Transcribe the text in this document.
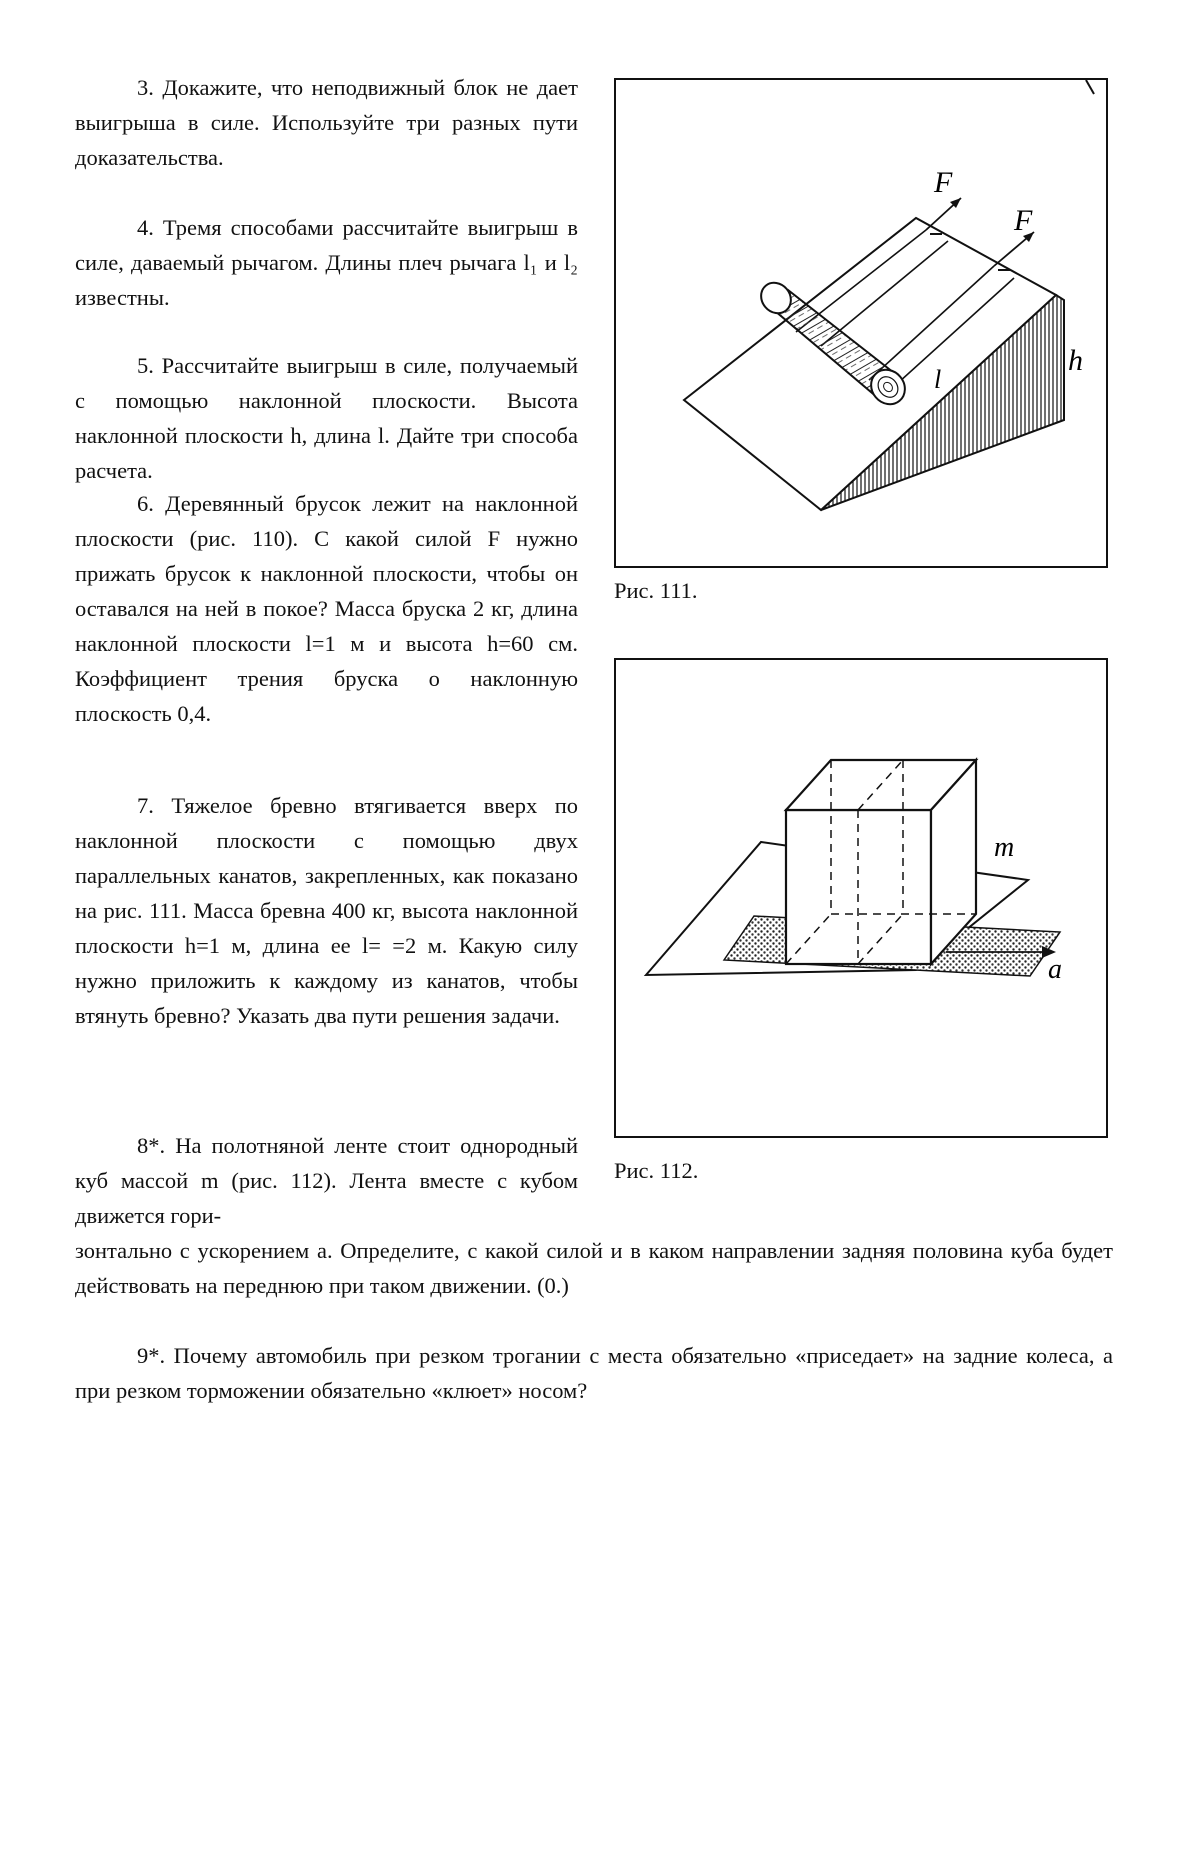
3. Докажите, что неподвижный блок не дает выигрыша в силе. Используйте три разных пути доказательства.

4. Тремя способами рассчитайте выигрыш в силе, даваемый рычагом. Длины плеч рычага l₁ и l₂ известны.

5. Рассчитайте выигрыш в силе, получаемый с помощью наклонной плоскости. Высота наклонной плоскости h, длина l. Дайте три способа расчета.

6. Деревянный брусок лежит на наклонной плоскости (рис. 110). С какой силой F нужно прижать брусок к наклонной плоскости, чтобы он оставался на ней в покое? Масса бруска 2 кг, длина наклонной плоскости l=1 м и высота h=60 см. Коэффициент трения бруска о наклонную плоскость 0,4.

7. Тяжелое бревно втягивается вверх по наклонной плоскости с помощью двух параллельных канатов, закрепленных, как показано на рис. 111. Масса бревна 400 кг, высота наклонной плоскости h=1 м, длина ее l= =2 м. Какую силу нужно приложить к каждому из канатов, чтобы втянуть бревно? Указать два пути решения задачи.

F
F
h
l
Рис. 111.
m
a
Рис. 112.

8*. На полотняной ленте стоит однородный куб массой m (рис. 112). Лента вместе с кубом движется гори-

зонтально с ускорением a. Определите, с какой силой и в каком направлении задняя половина куба будет действовать на переднюю при таком движении. (0.)

9*. Почему автомобиль при резком трогании с места обязательно «приседает» на задние колеса, а при резком торможении обязательно «клюет» носом?
